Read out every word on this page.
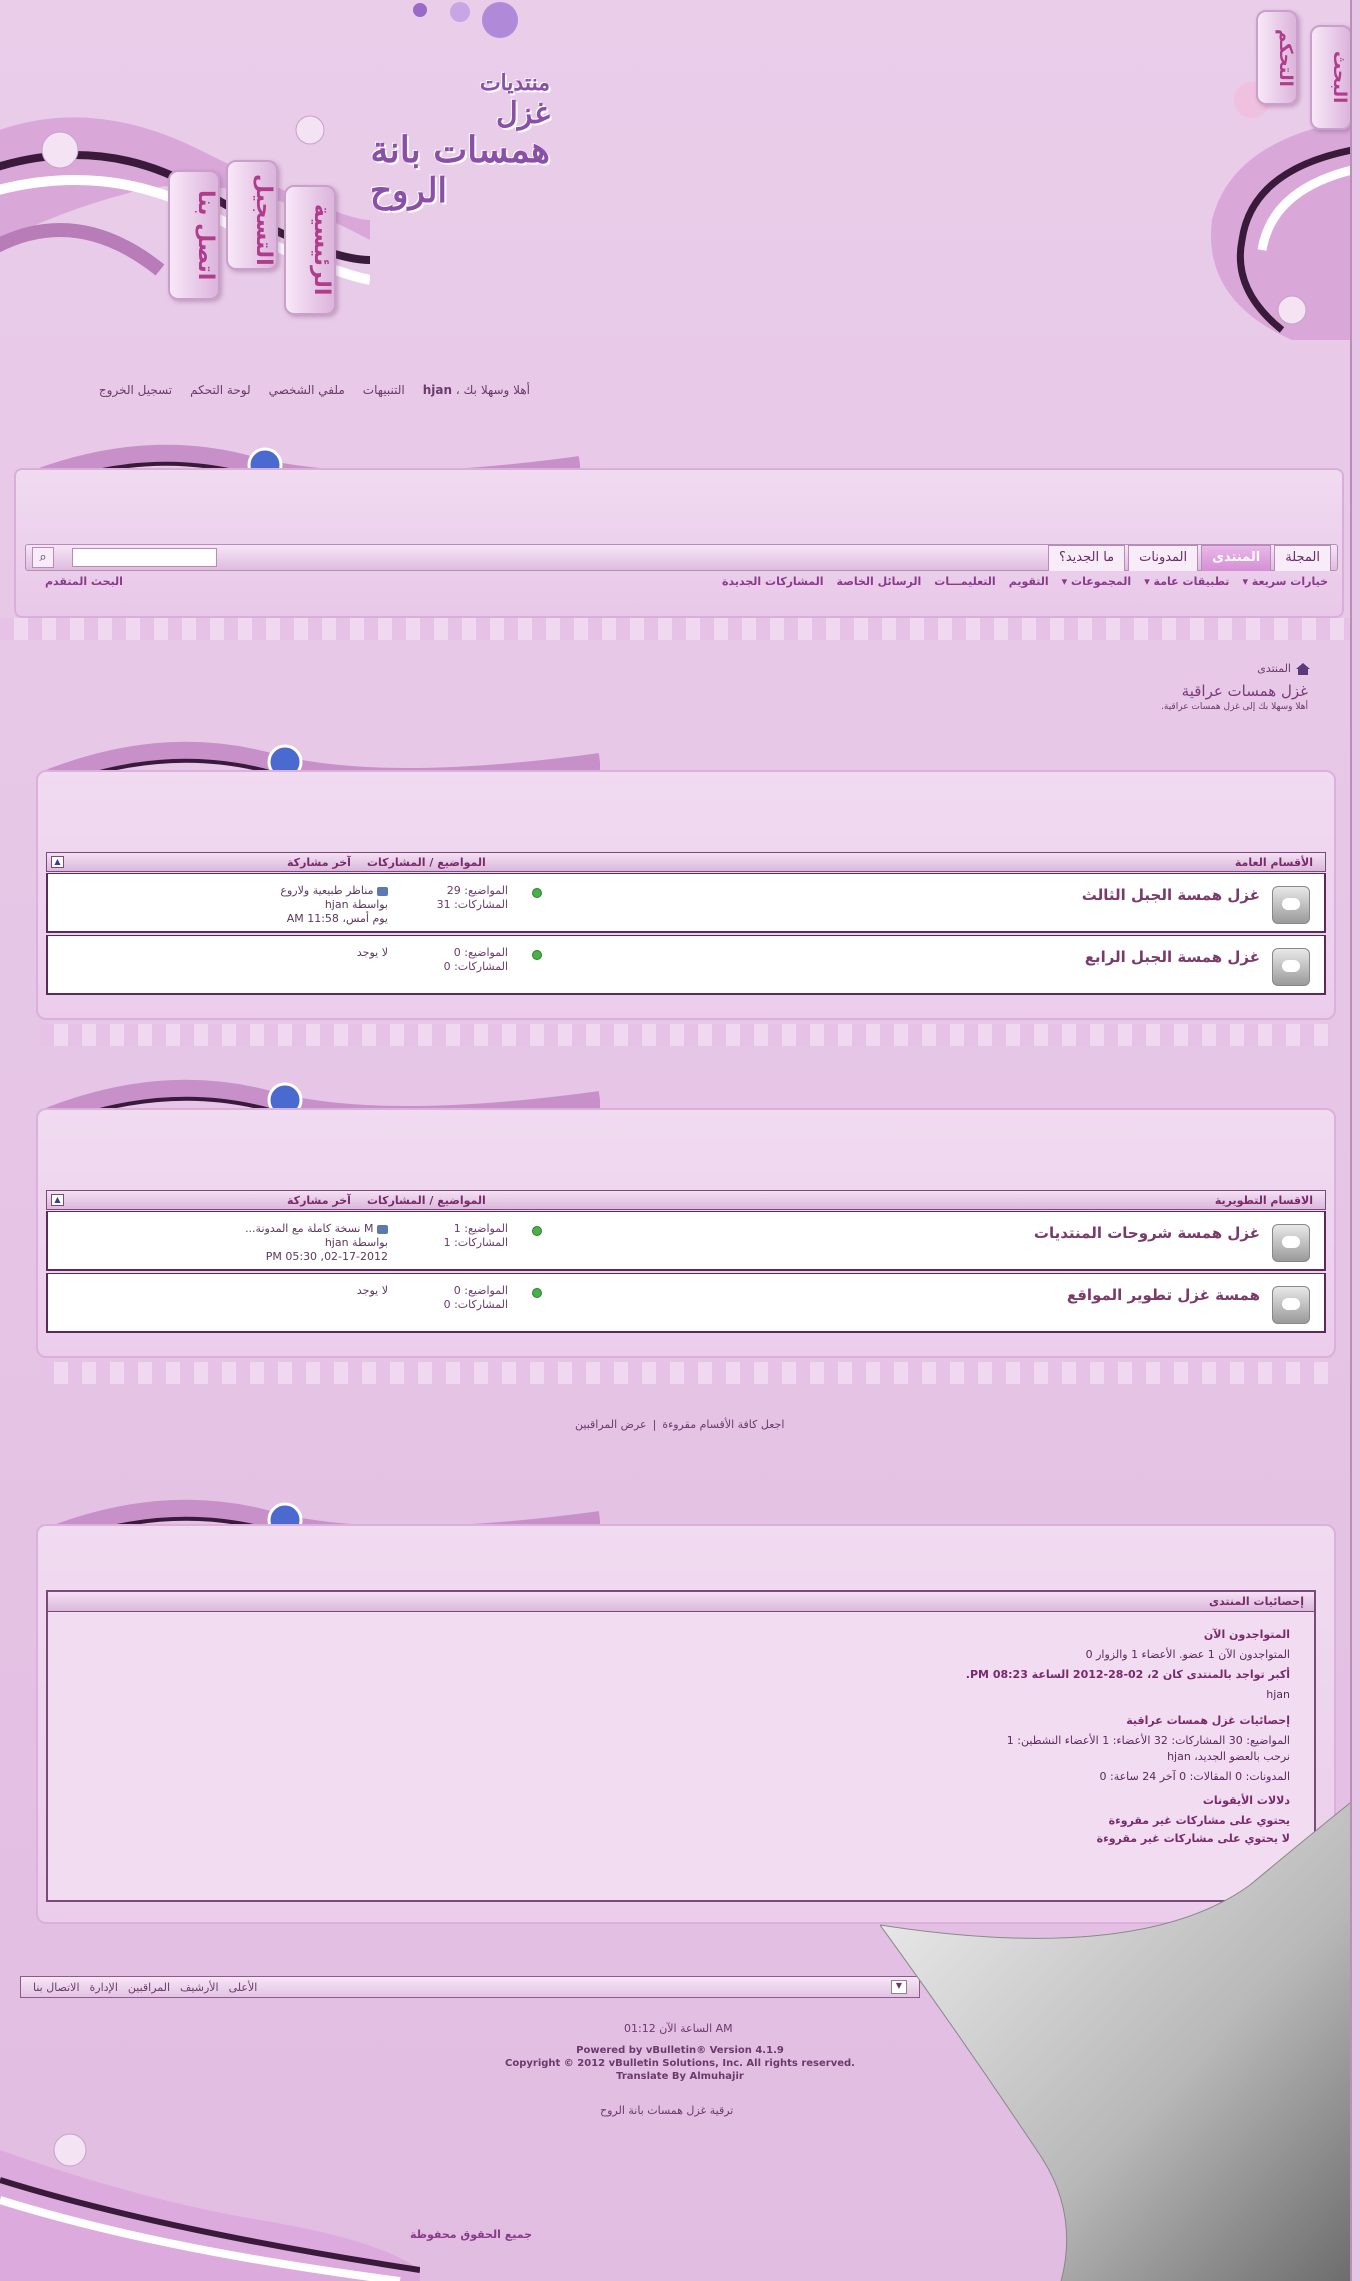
منتديات
غزل
همسات بانة
الروح
اتصل بنا	التسجيل	الرئيسية
التحكم	البحث
أهلا وسهلا بك ، hjan
التنبيهات
ملفي الشخصي
لوحة التحكم
تسجيل الخروج
المجلة
المنتدى
المدونات
ما الجديد؟
⌕
المشاركات الجديدة الرسائل الخاصة التعليمـــات التقويم المجموعات ▾ تطبيقات عامة ▾ خيارات سريعة ▾
البحث المتقدم
المنتدى
غزل همسات عراقية
أهلا وسهلا بك إلى غزل همسات عراقية.
الأقسام العامة
المواضيع / المشاركات
آخر مشاركة
▲
غزل همسة الجبل الثالث
المواضيع: 29
المشاركات: 31
مناظر طبيعية ولاروع
بواسطة hjan
يوم أمس، 11:58 AM
غزل همسة الجبل الرابع
المواضيع: 0
المشاركات: 0
لا يوجد
الاقسام التطويرية
المواضيع / المشاركات
آخر مشاركة
▲
غزل همسة شروحات المنتديات
المواضيع: 1
المشاركات: 1
M نسخة كاملة مع المدونة...
بواسطة hjan
02-17-2012, 05:30 PM
همسة غزل تطوير المواقع
المواضيع: 0
المشاركات: 0
لا يوجد
اجعل كافة الأقسام مقروءة
|
عرض المراقبين
إحصائيات المنتدى
المتواجدون الآن
المتواجدون الآن 1 عضو. الأعضاء 1 والزوار 0
أكبر تواجد بالمنتدى كان 2، 02-28-2012 الساعة 08:23 PM.
hjan
إحصائيات غزل همسات عراقية
المواضيع: 30 المشاركات: 32 الأعضاء: 1 الأعضاء النشطين: 1
نرحب بالعضو الجديد، hjan
المدونات: 0 المقالات: 0 آخر 24 ساعة: 0
دلالات الأيقونات
يحتوي على مشاركات غير مقروءة
لا يحتوي على مشاركات غير مقروءة
الاتصال بنا الإدارة المراقبين الأرشيف الأعلى	▼
الساعة الآن 01:12 AM
Powered by vBulletin® Version 4.1.9
Copyright © 2012 vBulletin Solutions, Inc. All rights reserved.
Translate By Almuhajir
ترقية غزل همسات بانة الروح
جميع الحقوق محفوظة
